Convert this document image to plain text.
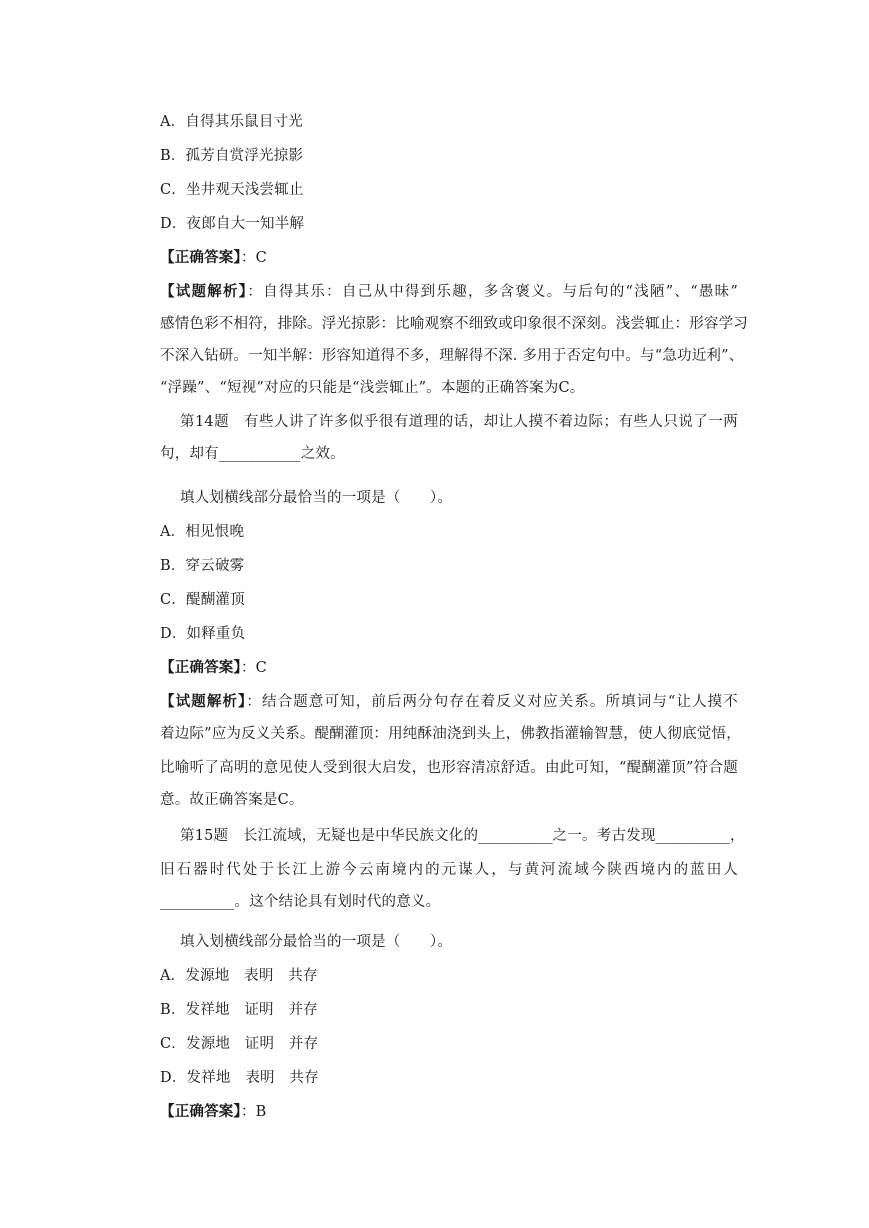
A．自得其乐鼠目寸光
B．孤芳自赏浮光掠影
C．坐井观天浅尝辄止
D．夜郎自大一知半解
【正确答案】：C
【试题解析】：自得其乐：自己从中得到乐趣，多含褒义。与后句的“浅陋”、“愚昧”
感情色彩不相符，排除。浮光掠影：比喻观察不细致或印象很不深刻。浅尝辄止：形容学习
不深入钻研。一知半解：形容知道得不多，理解得不深. 多用于否定句中。与“急功近利”、
“浮躁”、“短视”对应的只能是“浅尝辄止”。本题的正确答案为C。
第14题　有些人讲了许多似乎很有道理的话，却让人摸不着边际；有些人只说了一两
句，却有___________之效。
填人划横线部分最恰当的一项是（　　）。
A．相见恨晚
B．穿云破雾
C．醍醐灌顶
D．如释重负
【正确答案】：C
【试题解析】：结合题意可知，前后两分句存在着反义对应关系。所填词与“让人摸不
着边际”应为反义关系。醍醐灌顶：用纯酥油浇到头上，佛教指灌输智慧，使人彻底觉悟，
比喻听了高明的意见使人受到很大启发，也形容清凉舒适。由此可知，“醍醐灌顶”符合题
意。故正确答案是C。
第15题　长江流域，无疑也是中华民族文化的__________之一。考古发现__________，
旧石器时代处于长江上游今云南境内的元谋人，与黄河流域今陕西境内的蓝田人
__________。这个结论具有划时代的意义。
填入划横线部分最恰当的一项是（　　）。
A．发源地　表明　共存
B．发祥地　证明　并存
C．发源地　证明　并存
D．发祥地　表明　共存
【正确答案】：B
